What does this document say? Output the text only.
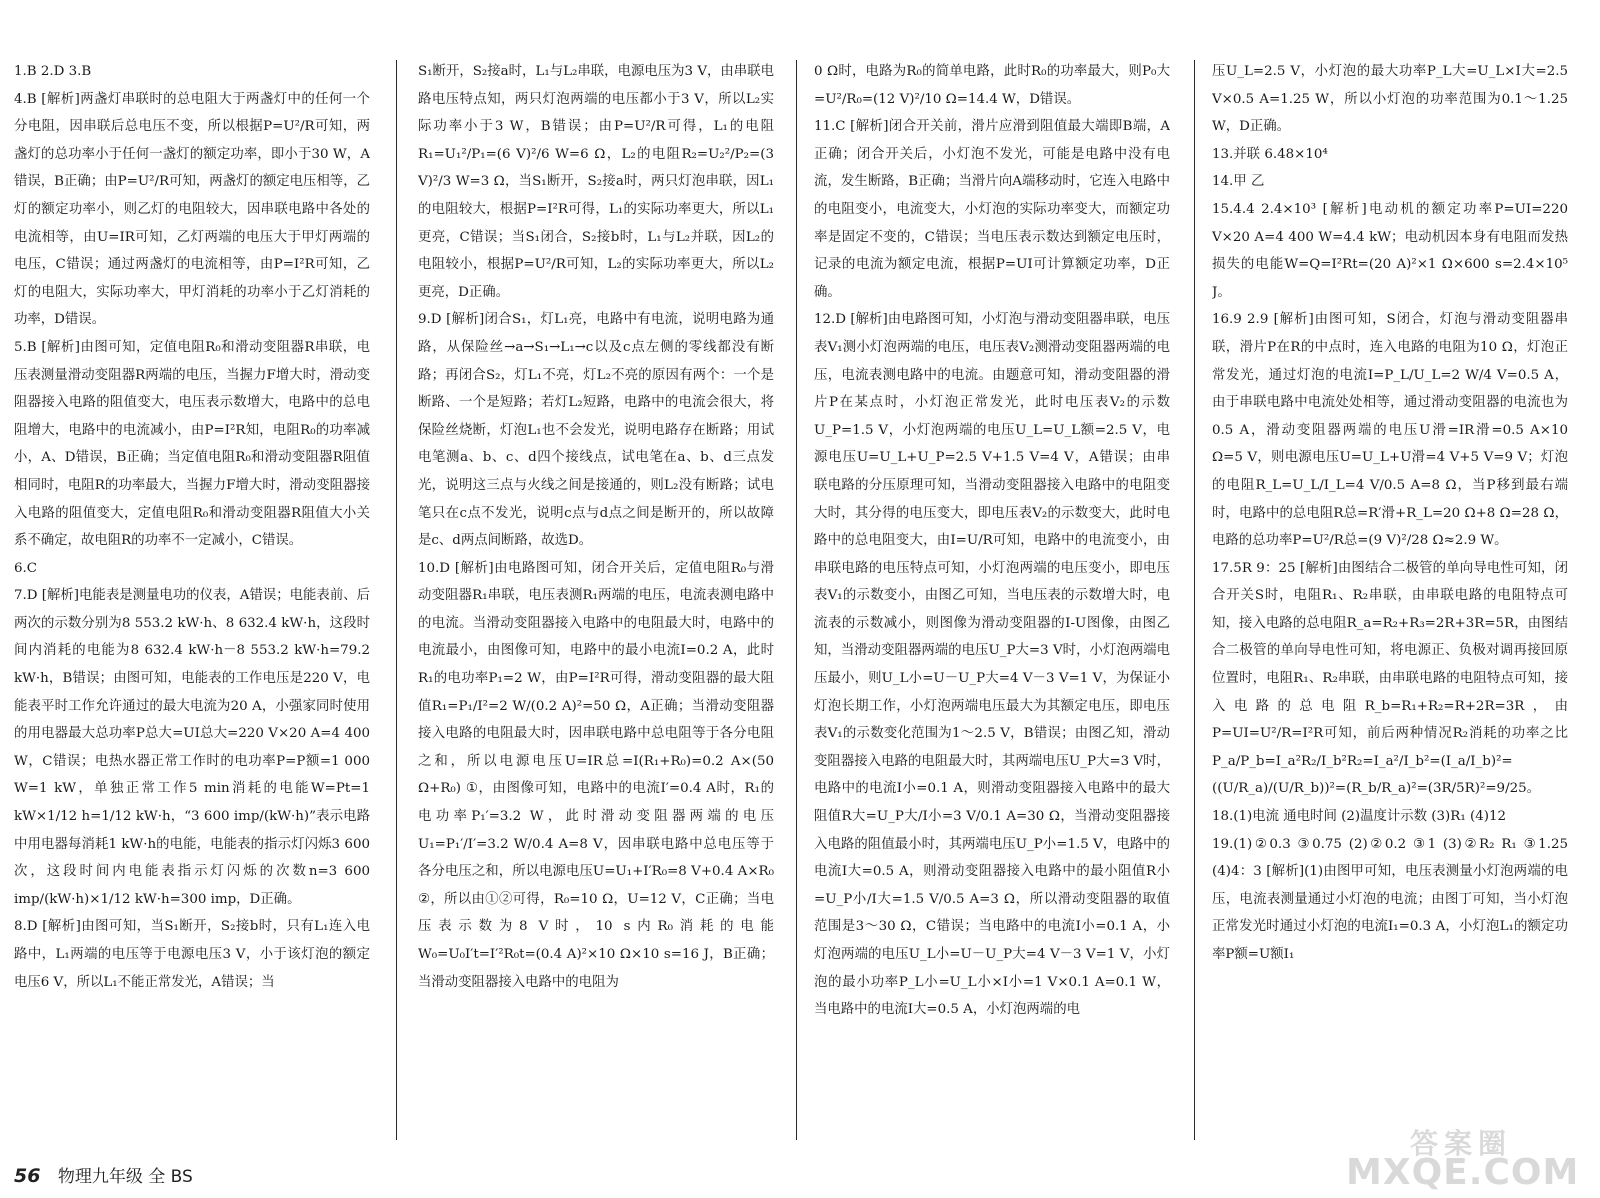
1.B 2.D 3.B

4.B [解析]两盏灯串联时的总电阻大于两盏灯中的任何一个分电阻，因串联后总电压不变，所以根据P=U²/R可知，两盏灯的总功率小于任何一盏灯的额定功率，即小于30 W，A错误，B正确；由P=U²/R可知，两盏灯的额定电压相等，乙灯的额定功率小，则乙灯的电阻较大，因串联电路中各处的电流相等，由U=IR可知，乙灯两端的电压大于甲灯两端的电压，C错误；通过两盏灯的电流相等，由P=I²R可知，乙灯的电阻大，实际功率大，甲灯消耗的功率小于乙灯消耗的功率，D错误。

5.B [解析]由图可知，定值电阻R₀和滑动变阻器R串联，电压表测量滑动变阻器R两端的电压，当握力F增大时，滑动变阻器接入电路的阻值变大，电压表示数增大，电路中的总电阻增大，电路中的电流减小，由P=I²R知，电阻R₀的功率减小，A、D错误，B正确；当定值电阻R₀和滑动变阻器R阻值相同时，电阻R的功率最大，当握力F增大时，滑动变阻器接入电路的阻值变大，定值电阻R₀和滑动变阻器R阻值大小关系不确定，故电阻R的功率不一定减小，C错误。

6.C

7.D [解析]电能表是测量电功的仪表，A错误；电能表前、后两次的示数分别为8 553.2 kW·h、8 632.4 kW·h，这段时间内消耗的电能为8 632.4 kW·h－8 553.2 kW·h=79.2 kW·h，B错误；由图可知，电能表的工作电压是220 V，电能表平时工作允许通过的最大电流为20 A，小强家同时使用的用电器最大总功率P总大=UI总大=220 V×20 A=4 400 W，C错误；电热水器正常工作时的电功率P=P额=1 000 W=1 kW，单独正常工作5 min消耗的电能W=Pt=1 kW×1/12 h=1/12 kW·h，“3 600 imp/(kW·h)”表示电路中用电器每消耗1 kW·h的电能，电能表的指示灯闪烁3 600次，这段时间内电能表指示灯闪烁的次数n=3 600 imp/(kW·h)×1/12 kW·h=300 imp，D正确。

8.D [解析]由图可知，当S₁断开，S₂接b时，只有L₁连入电路中，L₁两端的电压等于电源电压3 V，小于该灯泡的额定电压6 V，所以L₁不能正常发光，A错误；当

S₁断开，S₂接a时，L₁与L₂串联，电源电压为3 V，由串联电路电压特点知，两只灯泡两端的电压都小于3 V，所以L₂实际功率小于3 W，B错误；由P=U²/R可得，L₁的电阻R₁=U₁²/P₁=(6 V)²/6 W=6 Ω，L₂的电阻R₂=U₂²/P₂=(3 V)²/3 W=3 Ω，当S₁断开，S₂接a时，两只灯泡串联，因L₁的电阻较大，根据P=I²R可得，L₁的实际功率更大，所以L₁更亮，C错误；当S₁闭合，S₂接b时，L₁与L₂并联，因L₂的电阻较小，根据P=U²/R可知，L₂的实际功率更大，所以L₂更亮，D正确。

9.D [解析]闭合S₁，灯L₁亮，电路中有电流，说明电路为通路，从保险丝→a→S₁→L₁→c以及c点左侧的零线都没有断路；再闭合S₂，灯L₁不亮，灯L₂不亮的原因有两个：一个是断路、一个是短路；若灯L₂短路，电路中的电流会很大，将保险丝烧断，灯泡L₁也不会发光，说明电路存在断路；用试电笔测a、b、c、d四个接线点，试电笔在a、b、d三点发光，说明这三点与火线之间是接通的，则L₂没有断路；试电笔只在c点不发光，说明c点与d点之间是断开的，所以故障是c、d两点间断路，故选D。

10.D [解析]由电路图可知，闭合开关后，定值电阻R₀与滑动变阻器R₁串联，电压表测R₁两端的电压，电流表测电路中的电流。当滑动变阻器接入电路中的电阻最大时，电路中的电流最小，由图像可知，电路中的最小电流I=0.2 A，此时R₁的电功率P₁=2 W，由P=I²R可得，滑动变阻器的最大阻值R₁=P₁/I²=2 W/(0.2 A)²=50 Ω，A正确；当滑动变阻器接入电路的电阻最大时，因串联电路中总电阻等于各分电阻之和，所以电源电压U=IR总=I(R₁+R₀)=0.2 A×(50 Ω+R₀) ①，由图像可知，电路中的电流I′=0.4 A时，R₁的电功率P₁′=3.2 W，此时滑动变阻器两端的电压U₁=P₁′/I′=3.2 W/0.4 A=8 V，因串联电路中总电压等于各分电压之和，所以电源电压U=U₁+I′R₀=8 V+0.4 A×R₀ ②，所以由①②可得，R₀=10 Ω，U=12 V，C正确；当电压表示数为8 V时，10 s内R₀消耗的电能W₀=U₀I′t=I′²R₀t=(0.4 A)²×10 Ω×10 s=16 J，B正确；当滑动变阻器接入电路中的电阻为

0 Ω时，电路为R₀的简单电路，此时R₀的功率最大，则P₀大=U²/R₀=(12 V)²/10 Ω=14.4 W，D错误。

11.C [解析]闭合开关前，滑片应滑到阻值最大端即B端，A正确；闭合开关后，小灯泡不发光，可能是电路中没有电流，发生断路，B正确；当滑片向A端移动时，它连入电路中的电阻变小，电流变大，小灯泡的实际功率变大，而额定功率是固定不变的，C错误；当电压表示数达到额定电压时，记录的电流为额定电流，根据P=UI可计算额定功率，D正确。

12.D [解析]由电路图可知，小灯泡与滑动变阻器串联，电压表V₁测小灯泡两端的电压，电压表V₂测滑动变阻器两端的电压，电流表测电路中的电流。由题意可知，滑动变阻器的滑片P在某点时，小灯泡正常发光，此时电压表V₂的示数U_P=1.5 V，小灯泡两端的电压U_L=U_L额=2.5 V，电源电压U=U_L+U_P=2.5 V+1.5 V=4 V，A错误；由串联电路的分压原理可知，当滑动变阻器接入电路中的电阻变大时，其分得的电压变大，即电压表V₂的示数变大，此时电路中的总电阻变大，由I=U/R可知，电路中的电流变小，由串联电路的电压特点可知，小灯泡两端的电压变小，即电压表V₁的示数变小，由图乙可知，当电压表的示数增大时，电流表的示数减小，则图像为滑动变阻器的I-U图像，由图乙知，当滑动变阻器两端的电压U_P大=3 V时，小灯泡两端电压最小，则U_L小=U－U_P大=4 V－3 V=1 V，为保证小灯泡长期工作，小灯泡两端电压最大为其额定电压，即电压表V₁的示数变化范围为1～2.5 V，B错误；由图乙知，滑动变阻器接入电路的电阻最大时，其两端电压U_P大=3 V时，电路中的电流I小=0.1 A，则滑动变阻器接入电路中的最大阻值R大=U_P大/I小=3 V/0.1 A=30 Ω，当滑动变阻器接入电路的阻值最小时，其两端电压U_P小=1.5 V，电路中的电流I大=0.5 A，则滑动变阻器接入电路中的最小阻值R小=U_P小/I大=1.5 V/0.5 A=3 Ω，所以滑动变阻器的取值范围是3～30 Ω，C错误；当电路中的电流I小=0.1 A，小灯泡两端的电压U_L小=U－U_P大=4 V－3 V=1 V，小灯泡的最小功率P_L小=U_L小×I小=1 V×0.1 A=0.1 W，当电路中的电流I大=0.5 A，小灯泡两端的电

压U_L=2.5 V，小灯泡的最大功率P_L大=U_L×I大=2.5 V×0.5 A=1.25 W，所以小灯泡的功率范围为0.1～1.25 W，D正确。

13.并联 6.48×10⁴

14.甲 乙

15.4.4 2.4×10³ [解析]电动机的额定功率P=UI=220 V×20 A=4 400 W=4.4 kW；电动机因本身有电阻而发热损失的电能W=Q=I²Rt=(20 A)²×1 Ω×600 s=2.4×10⁵ J。

16.9 2.9 [解析]由图可知，S闭合，灯泡与滑动变阻器串联，滑片P在R的中点时，连入电路的电阻为10 Ω，灯泡正常发光，通过灯泡的电流I=P_L/U_L=2 W/4 V=0.5 A，由于串联电路中电流处处相等，通过滑动变阻器的电流也为0.5 A，滑动变阻器两端的电压U滑=IR滑=0.5 A×10 Ω=5 V，则电源电压U=U_L+U滑=4 V+5 V=9 V；灯泡的电阻R_L=U_L/I_L=4 V/0.5 A=8 Ω，当P移到最右端时，电路中的总电阻R总=R′滑+R_L=20 Ω+8 Ω=28 Ω，电路的总功率P=U²/R总=(9 V)²/28 Ω≈2.9 W。

17.5R 9：25 [解析]由图结合二极管的单向导电性可知，闭合开关S时，电阻R₁、R₂串联，由串联电路的电阻特点可知，接入电路的总电阻R_a=R₂+R₃=2R+3R=5R，由图结合二极管的单向导电性可知，将电源正、负极对调再接回原位置时，电阻R₁、R₂串联，由串联电路的电阻特点可知，接入电路的总电阻R_b=R₁+R₂=R+2R=3R，由P=UI=U²/R=I²R可知，前后两种情况R₂消耗的功率之比P_a/P_b=I_a²R₂/I_b²R₂=I_a²/I_b²=(I_a/I_b)²=((U/R_a)/(U/R_b))²=(R_b/R_a)²=(3R/5R)²=9/25。

18.(1)电流 通电时间 (2)温度计示数 (3)R₁ (4)12

19.(1)②0.3 ③0.75 (2)②0.2 ③1 (3)②R₂ R₁ ③1.25 (4)4：3 [解析](1)由图甲可知，电压表测量小灯泡两端的电压，电流表测量通过小灯泡的电流；由图丁可知，当小灯泡正常发光时通过小灯泡的电流I₁=0.3 A，小灯泡L₁的额定功率P额=U额I₁

56 物理九年级 全 BS
答案圈
MXQE.COM
